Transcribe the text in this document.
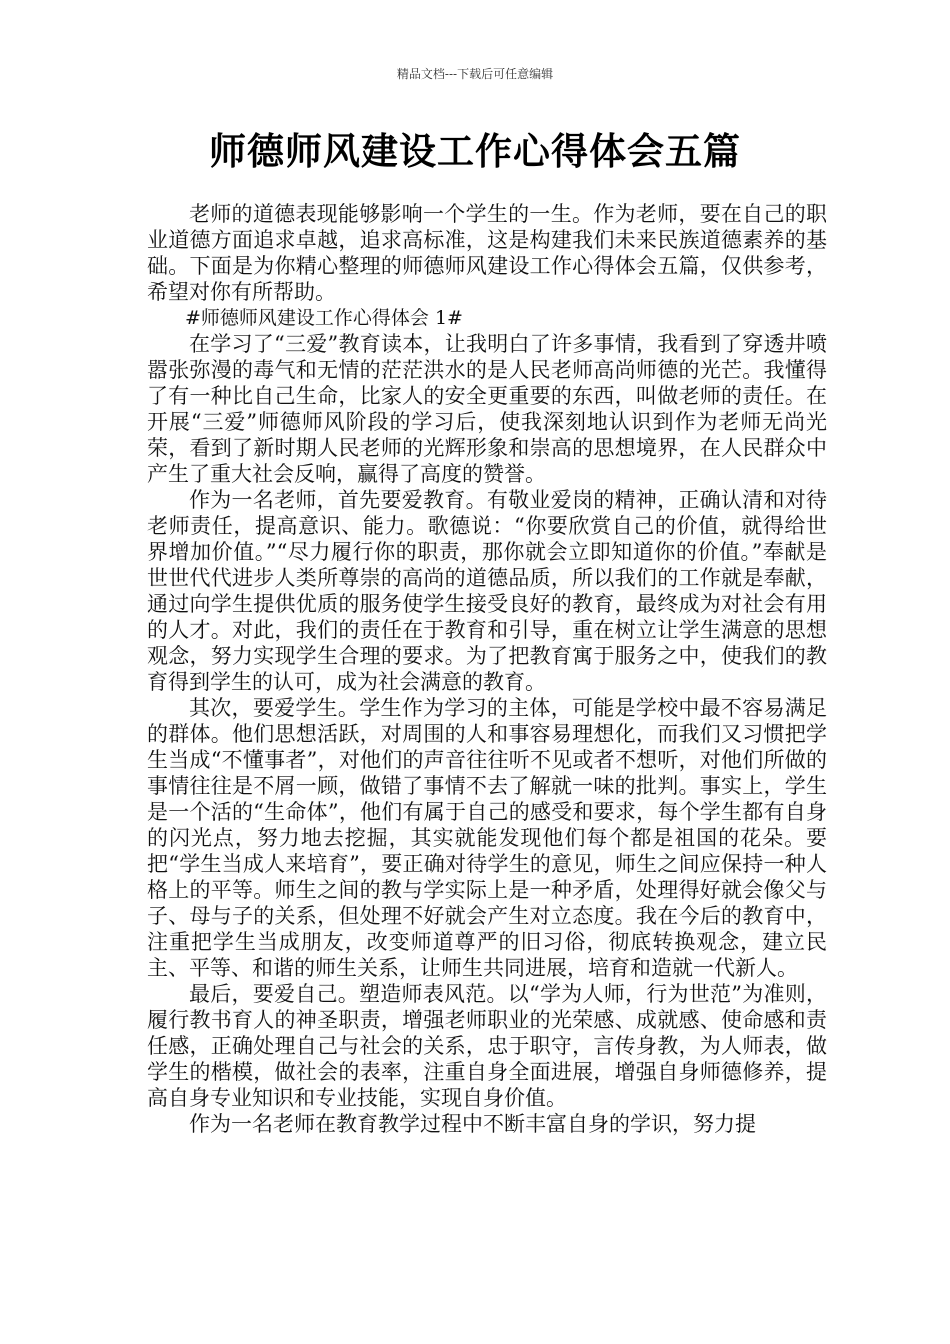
精品文档---下载后可任意编辑
师德师风建设工作心得体会五篇

老师的道德表现能够影响一个学生的一生。作为老师，要在自己的职业道德方面追求卓越，追求高标准，这是构建我们未来民族道德素养的基础。下面是为你精心整理的师德师风建设工作心得体会五篇，仅供参考，希望对你有所帮助。

#师德师风建设工作心得体会 1#

在学习了“三爱”教育读本，让我明白了许多事情，我看到了穿透井喷嚣张弥漫的毒气和无情的茫茫洪水的是人民老师高尚师德的光芒。我懂得了有一种比自己生命，比家人的安全更重要的东西，叫做老师的责任。在开展“三爱”师德师风阶段的学习后，使我深刻地认识到作为老师无尚光荣，看到了新时期人民老师的光辉形象和崇高的思想境界，在人民群众中产生了重大社会反响，赢得了高度的赞誉。

作为一名老师，首先要爱教育。有敬业爱岗的精神，正确认清和对待老师责任，提高意识、能力。歌德说：“你要欣赏自己的价值，就得给世界增加价值。”“尽力履行你的职责，那你就会立即知道你的价值。”奉献是世世代代进步人类所尊崇的高尚的道德品质，所以我们的工作就是奉献，通过向学生提供优质的服务使学生接受良好的教育，最终成为对社会有用的人才。对此，我们的责任在于教育和引导，重在树立让学生满意的思想观念，努力实现学生合理的要求。为了把教育寓于服务之中，使我们的教育得到学生的认可，成为社会满意的教育。

其次，要爱学生。学生作为学习的主体，可能是学校中最不容易满足的群体。他们思想活跃，对周围的人和事容易理想化，而我们又习惯把学生当成“不懂事者”，对他们的声音往往听不见或者不想听，对他们所做的事情往往是不屑一顾，做错了事情不去了解就一味的批判。事实上，学生是一个活的“生命体”，他们有属于自己的感受和要求，每个学生都有自身的闪光点，努力地去挖掘，其实就能发现他们每个都是祖国的花朵。要把“学生当成人来培育”，要正确对待学生的意见，师生之间应保持一种人格上的平等。师生之间的教与学实际上是一种矛盾，处理得好就会像父与子、母与子的关系，但处理不好就会产生对立态度。我在今后的教育中，注重把学生当成朋友，改变师道尊严的旧习俗，彻底转换观念，建立民主、平等、和谐的师生关系，让师生共同进展，培育和造就一代新人。

最后，要爱自己。塑造师表风范。以“学为人师，行为世范”为准则，履行教书育人的神圣职责，增强老师职业的光荣感、成就感、使命感和责任感，正确处理自己与社会的关系，忠于职守，言传身教，为人师表，做学生的楷模，做社会的表率，注重自身全面进展，增强自身师德修养，提高自身专业知识和专业技能，实现自身价值。

作为一名老师在教育教学过程中不断丰富自身的学识，努力提
